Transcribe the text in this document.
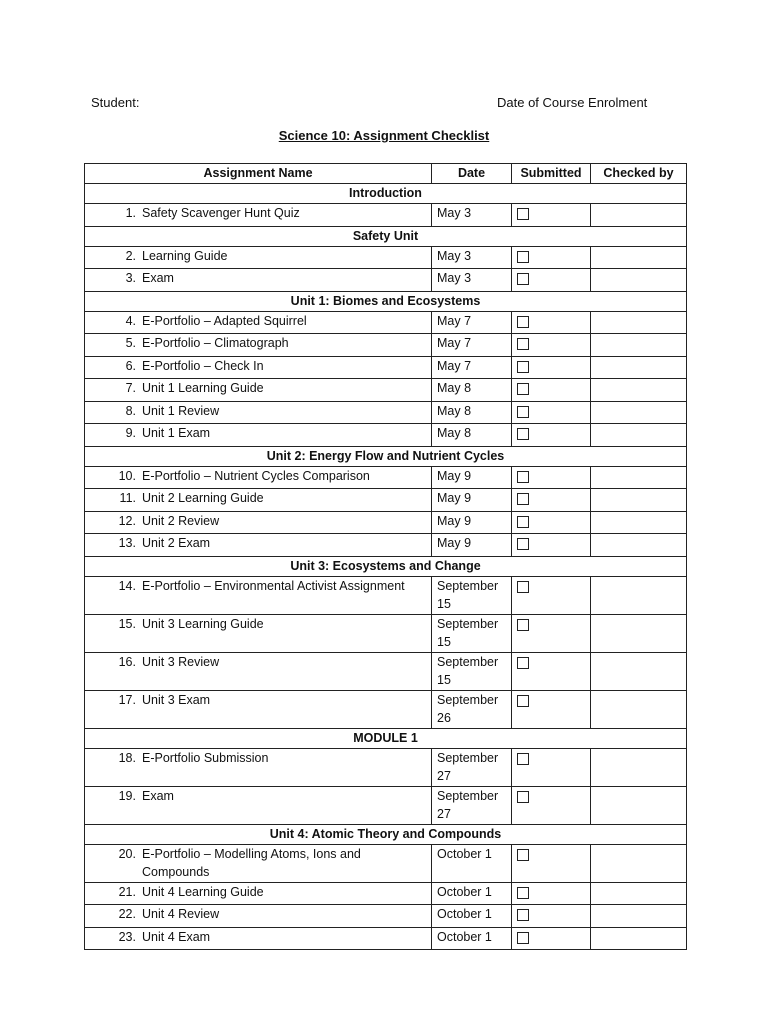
Student:	Date of Course Enrolment
Science 10: Assignment Checklist
Assignment Name	Date	Submitted	Checked by
Introduction			

1. Safety Scavenger Hunt Quiz	May 3		
Safety Unit			

2. Learning Guide	May 3		

3. Exam	May 3		
Unit 1: Biomes and Ecosystems			

4. E-Portfolio – Adapted Squirrel	May 7		

5. E-Portfolio – Climatograph	May 7		

6. E-Portfolio – Check In	May 7		

7. Unit 1 Learning Guide	May 8		

8. Unit 1 Review	May 8		

9. Unit 1 Exam	May 8		
Unit 2: Energy Flow and Nutrient Cycles			

10. E-Portfolio – Nutrient Cycles Comparison	May 9		

11. Unit 2 Learning Guide	May 9		

12. Unit 2 Review	May 9		

13. Unit 2 Exam	May 9		
Unit 3: Ecosystems and Change			

14. E-Portfolio – Environmental Activist Assignment	September 15		

15. Unit 3 Learning Guide	September 15		

16. Unit 3 Review	September 15		

17. Unit 3 Exam	September 26		
MODULE 1			

18. E-Portfolio Submission	September 27		

19. Exam	September 27		
Unit 4: Atomic Theory and Compounds			

20. E-Portfolio – Modelling Atoms, Ions and Compounds	October 1		

21. Unit 4 Learning Guide	October 1		

22. Unit 4 Review	October 1		

23. Unit 4 Exam	October 1		
